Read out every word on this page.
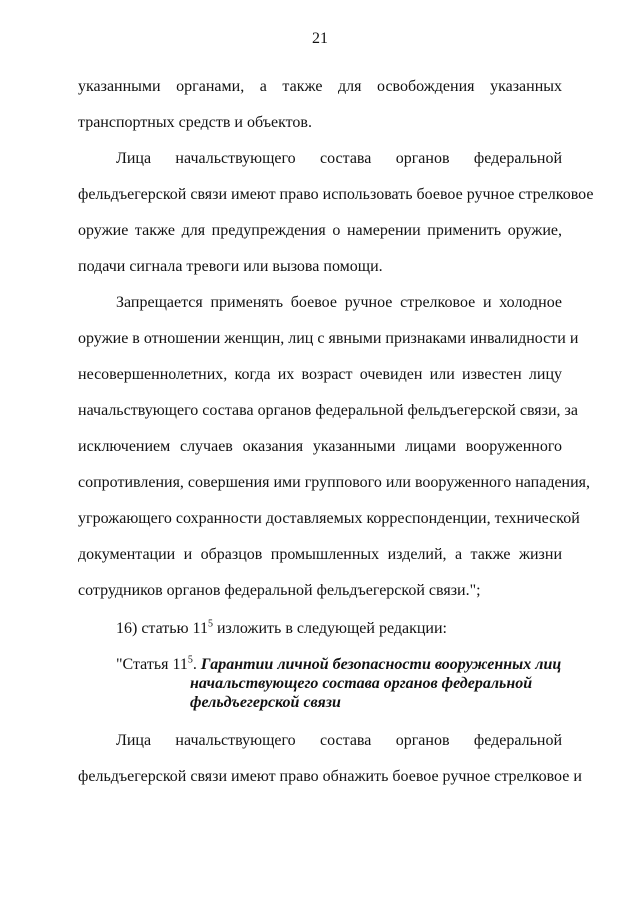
21
указанными органами, а также для освобождения указанных
транспортных средств и объектов.
Лица начальствующего состава органов федеральной
фельдъегерской связи имеют право использовать боевое ручное стрелковое
оружие также для предупреждения о намерении применить оружие,
подачи сигнала тревоги или вызова помощи.
Запрещается применять боевое ручное стрелковое и холодное
оружие в отношении женщин, лиц с явными признаками инвалидности и
несовершеннолетних, когда их возраст очевиден или известен лицу
начальствующего состава органов федеральной фельдъегерской связи, за
исключением случаев оказания указанными лицами вооруженного
сопротивления, совершения ими группового или вооруженного нападения,
угрожающего сохранности доставляемых корреспонденции, технической
документации и образцов промышленных изделий, а также жизни
сотрудников органов федеральной фельдъегерской связи.";
16) статью $11^5$ изложить в следующей редакции:
"Статья $11^5$. Гарантии личной безопасности вооруженных лиц
начальствующего состава органов федеральной
фельдъегерской связи
Лица начальствующего состава органов федеральной
фельдъегерской связи имеют право обнажить боевое ручное стрелковое и
